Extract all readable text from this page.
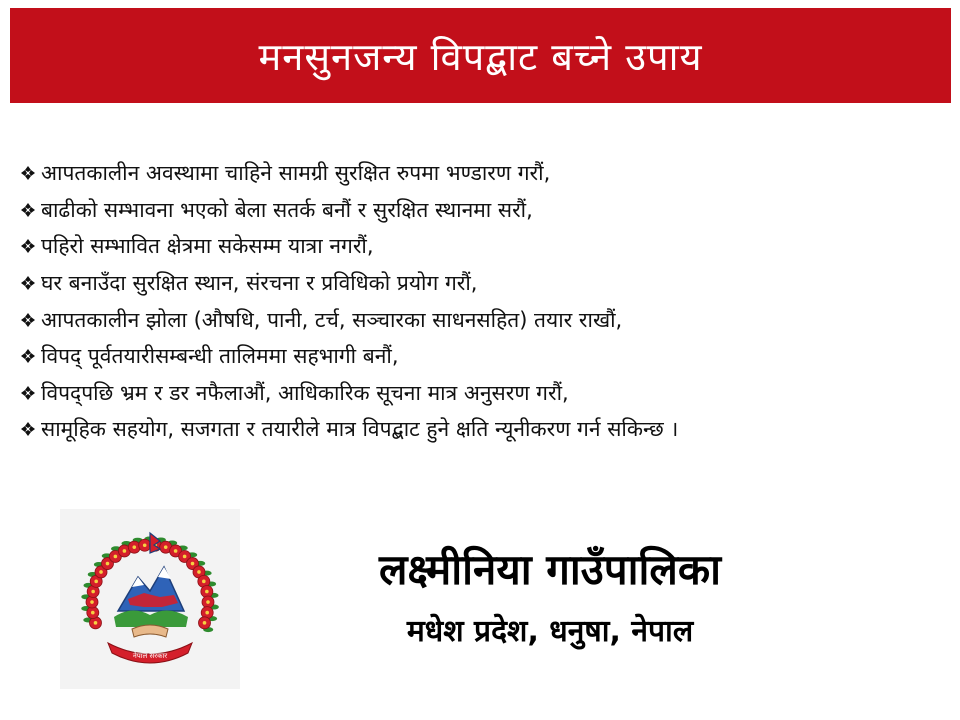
मनसुनजन्य विपद्बाट बच्ने उपाय
आपतकालीन अवस्थामा चाहिने सामग्री सुरक्षित रुपमा भण्डारण गरौं,
बाढीको सम्भावना भएको बेला सतर्क बनौं र सुरक्षित स्थानमा सरौं,
पहिरो सम्भावित क्षेत्रमा सकेसम्म यात्रा नगरौं,
घर बनाउँदा सुरक्षित स्थान, संरचना र प्रविधिको प्रयोग गरौं,
आपतकालीन झोला (औषधि, पानी, टर्च, सञ्चारका साधनसहित) तयार राखौं,
विपद् पूर्वतयारीसम्बन्धी तालिममा सहभागी बनौं,
विपद्पछि भ्रम र डर नफैलाऔं, आधिकारिक सूचना मात्र अनुसरण गरौं,
सामूहिक सहयोग, सजगता र तयारीले मात्र विपद्बाट हुने क्षति न्यूनीकरण गर्न सकिन्छ ।
नेपाल सरकार
लक्ष्मीनिया गाउँपालिका
मधेश प्रदेश, धनुषा, नेपाल
